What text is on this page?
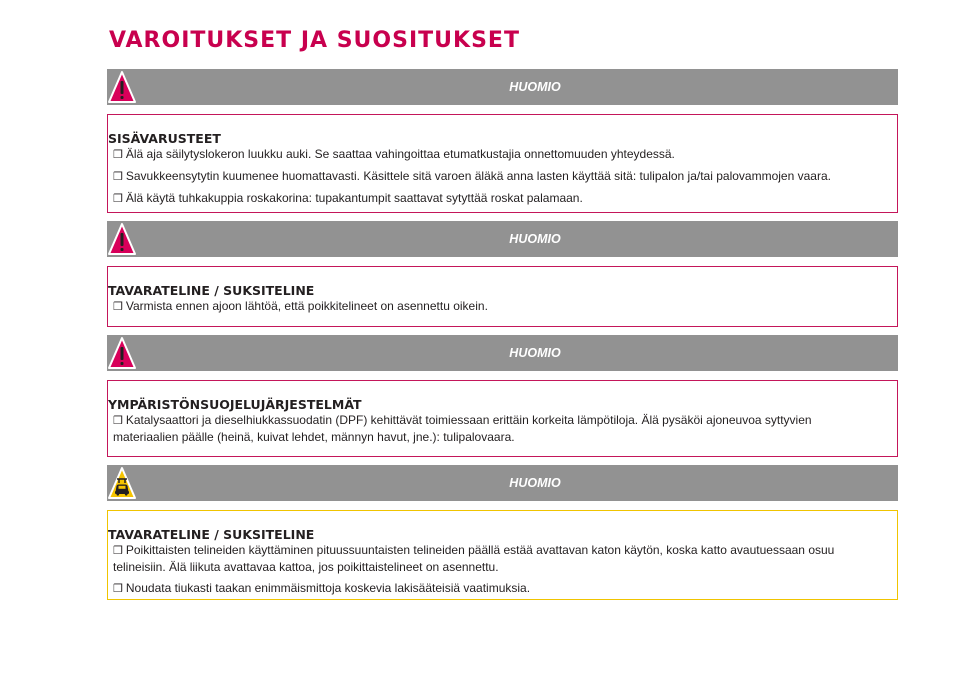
VAROITUKSET JA SUOSITUKSET
HUOMIO
SISÄVARUSTEET

❒ Älä aja säilytyslokeron luukku auki. Se saattaa vahingoittaa etumatkustajia onnettomuuden yhteydessä.

❒ Savukkeensytytin kuumenee huomattavasti. Käsittele sitä varoen äläkä anna lasten käyttää sitä: tulipalon ja/tai palovammojen vaara.

❒ Älä käytä tuhkakuppia roskakorina: tupakantumpit saattavat sytyttää roskat palamaan.

HUOMIO
TAVARATELINE / SUKSITELINE

❒ Varmista ennen ajoon lähtöä, että poikkitelineet on asennettu oikein.

HUOMIO
YMPÄRISTÖNSUOJELUJÄRJESTELMÄT

❒ Katalysaattori ja dieselhiukkassuodatin (DPF) kehittävät toimiessaan erittäin korkeita lämpötiloja. Älä pysäköi ajoneuvoa syttyvien materiaalien päälle (heinä, kuivat lehdet, männyn havut, jne.): tulipalovaara.

HUOMIO
TAVARATELINE / SUKSITELINE

❒ Poikittaisten telineiden käyttäminen pituussuuntaisten telineiden päällä estää avattavan katon käytön, koska katto avautuessaan osuu telineisiin. Älä liikuta avattavaa kattoa, jos poikittaistelineet on asennettu.

❒ Noudata tiukasti taakan enimmäismittoja koskevia lakisääteisiä vaatimuksia.
